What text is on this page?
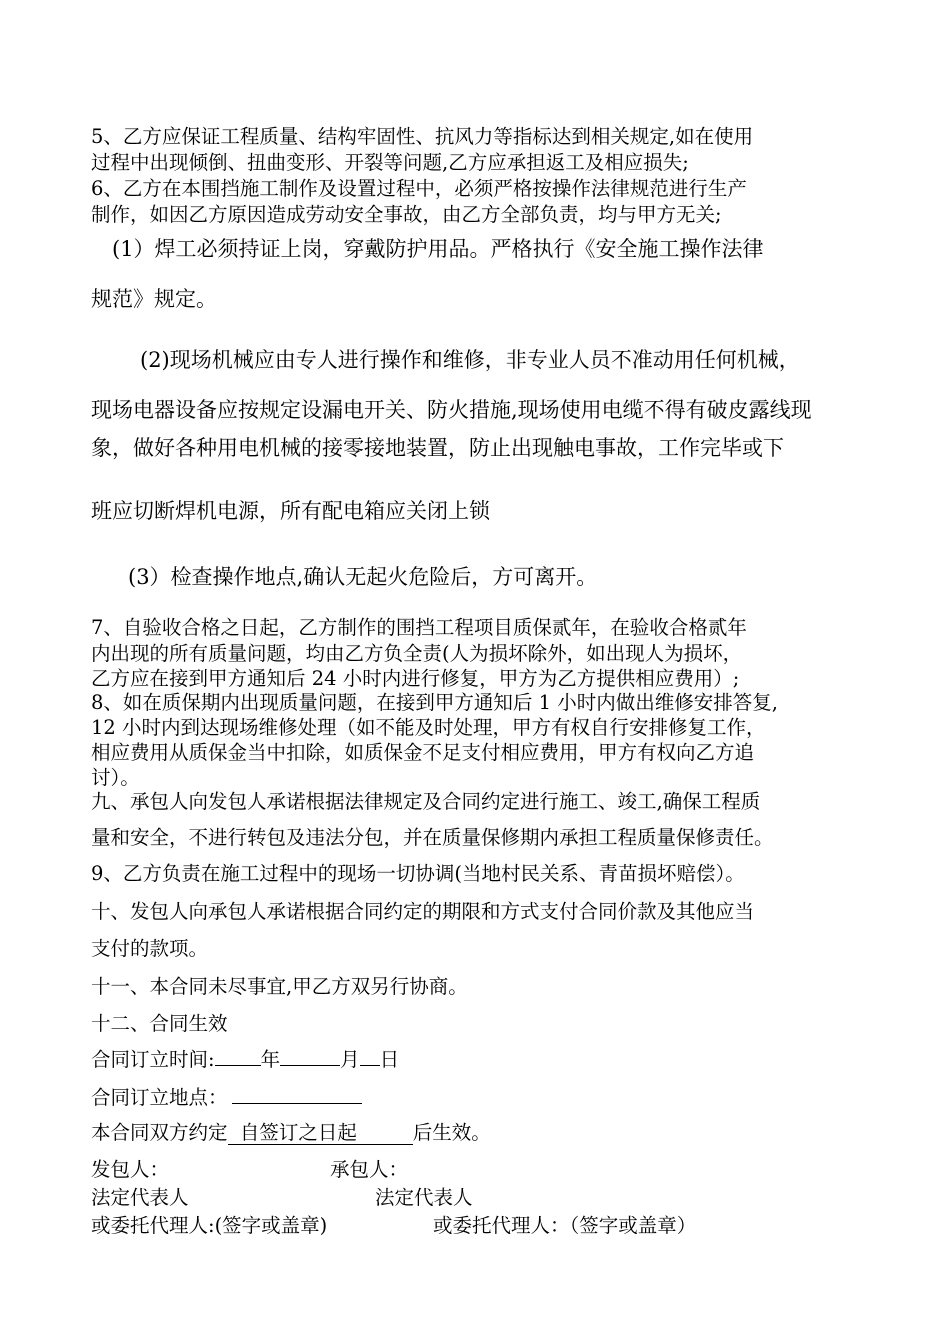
5、乙方应保证工程质量、结构牢固性、抗风力等指标达到相关规定,如在使用
过程中出现倾倒、扭曲变形、开裂等问题,乙方应承担返工及相应损失;
6、乙方在本围挡施工制作及设置过程中，必须严格按操作法律规范进行生产
制作，如因乙方原因造成劳动安全事故，由乙方全部负责，均与甲方无关;
(1）焊工必须持证上岗，穿戴防护用品。严格执行《安全施工操作法律
规范》规定。
(2)现场机械应由专人进行操作和维修，非专业人员不准动用任何机械，
现场电器设备应按规定设漏电开关、防火措施,现场使用电缆不得有破皮露线现
象，做好各种用电机械的接零接地装置，防止出现触电事故，工作完毕或下
班应切断焊机电源，所有配电箱应关闭上锁
(3）检查操作地点,确认无起火危险后，方可离开。
7、自验收合格之日起，乙方制作的围挡工程项目质保贰年，在验收合格贰年
内出现的所有质量问题，均由乙方负全责(人为损坏除外，如出现人为损坏，
乙方应在接到甲方通知后 24 小时内进行修复，甲方为乙方提供相应费用）;
8、如在质保期内出现质量问题，在接到甲方通知后 1 小时内做出维修安排答复,
12 小时内到达现场维修处理（如不能及时处理，甲方有权自行安排修复工作，
相应费用从质保金当中扣除，如质保金不足支付相应费用，甲方有权向乙方追
讨）。
九、承包人向发包人承诺根据法律规定及合同约定进行施工、竣工,确保工程质
量和安全，不进行转包及违法分包，并在质量保修期内承担工程质量保修责任。
9、乙方负责在施工过程中的现场一切协调(当地村民关系、青苗损坏赔偿）。
十、发包人向承包人承诺根据合同约定的期限和方式支付合同价款及其他应当
支付的款项。
十一、本合同未尽事宜,甲乙方双另行协商。
十二、合同生效
合同订立时间: 年	月 日
合同订立地点：
本合同双方约定 自签订之日起	后生效。
发包人：	承包人：
法定代表人	法定代表人
或委托代理人:(签字或盖章)	或委托代理人：（签字或盖章）
